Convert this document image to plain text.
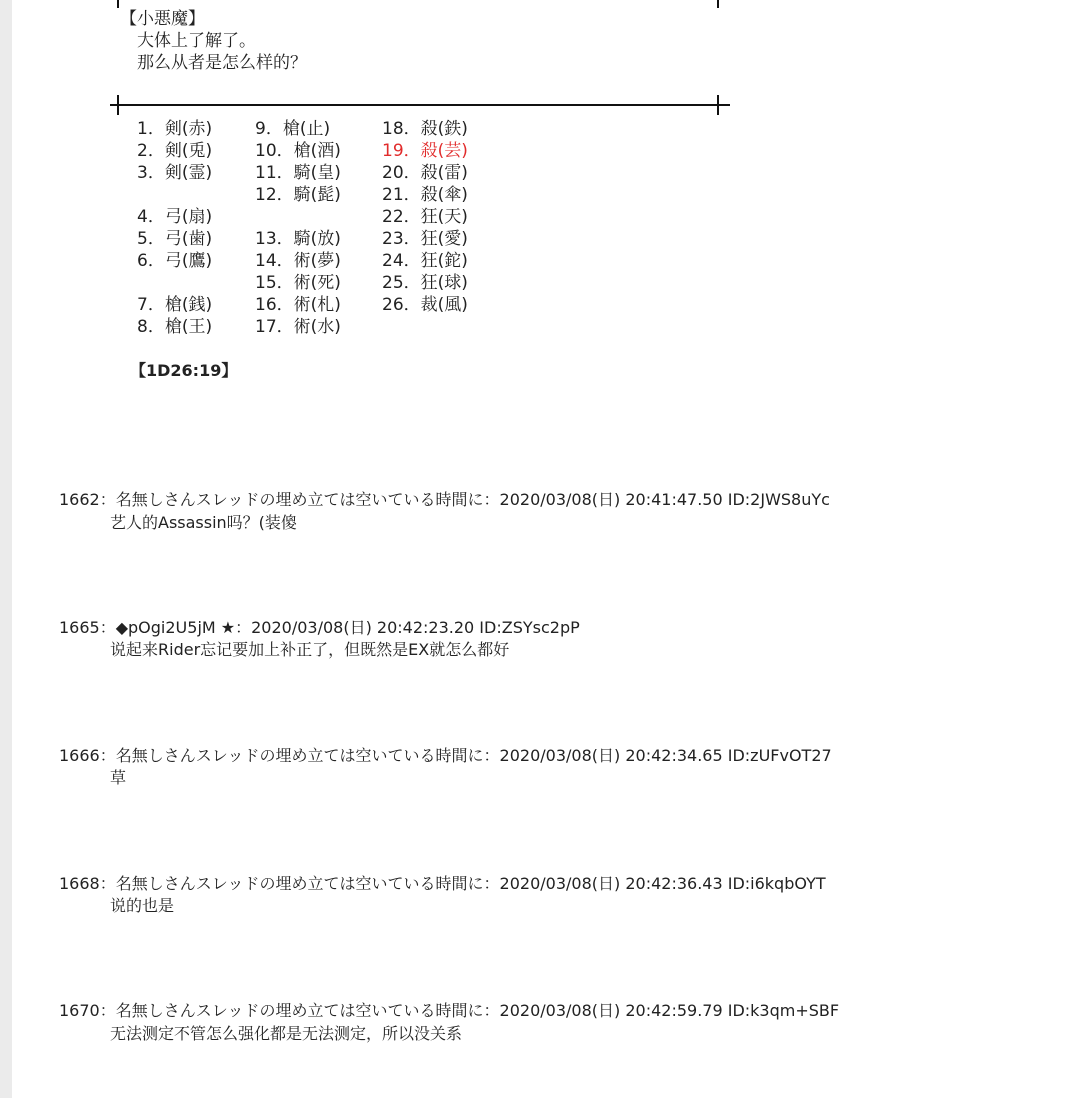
【小悪魔】
大体上了解了。
那么从者是怎么样的？
1．剣(赤)
2．剣(兎)
3．剣(霊)
4．弓(扇)
5．弓(歯)
6．弓(鷹)
7．槍(銭)
8．槍(王)
9．槍(止)
10．槍(酒)
11．騎(皇)
12．騎(髭)
13．騎(放)
14．術(夢)
15．術(死)
16．術(札)
17．術(水)
18．殺(鉄)
19．殺(芸)
20．殺(雷)
21．殺(傘)
22．狂(天)
23．狂(愛)
24．狂(鉈)
25．狂(球)
26．裁(風)
【1D26:19】
1662：名無しさんスレッドの埋め立ては空いている時間に：2020/03/08(日) 20:41:47.50 ID:2JWS8uYc
艺人的Assassin吗？(装傻
1665：◆pOgi2U5jM ★：2020/03/08(日) 20:42:23.20 ID:ZSYsc2pP
说起来Rider忘记要加上补正了，但既然是EX就怎么都好
1666：名無しさんスレッドの埋め立ては空いている時間に：2020/03/08(日) 20:42:34.65 ID:zUFvOT27
草
1668：名無しさんスレッドの埋め立ては空いている時間に：2020/03/08(日) 20:42:36.43 ID:i6kqbOYT
说的也是
1670：名無しさんスレッドの埋め立ては空いている時間に：2020/03/08(日) 20:42:59.79 ID:k3qm+SBF
无法测定不管怎么强化都是无法测定，所以没关系
